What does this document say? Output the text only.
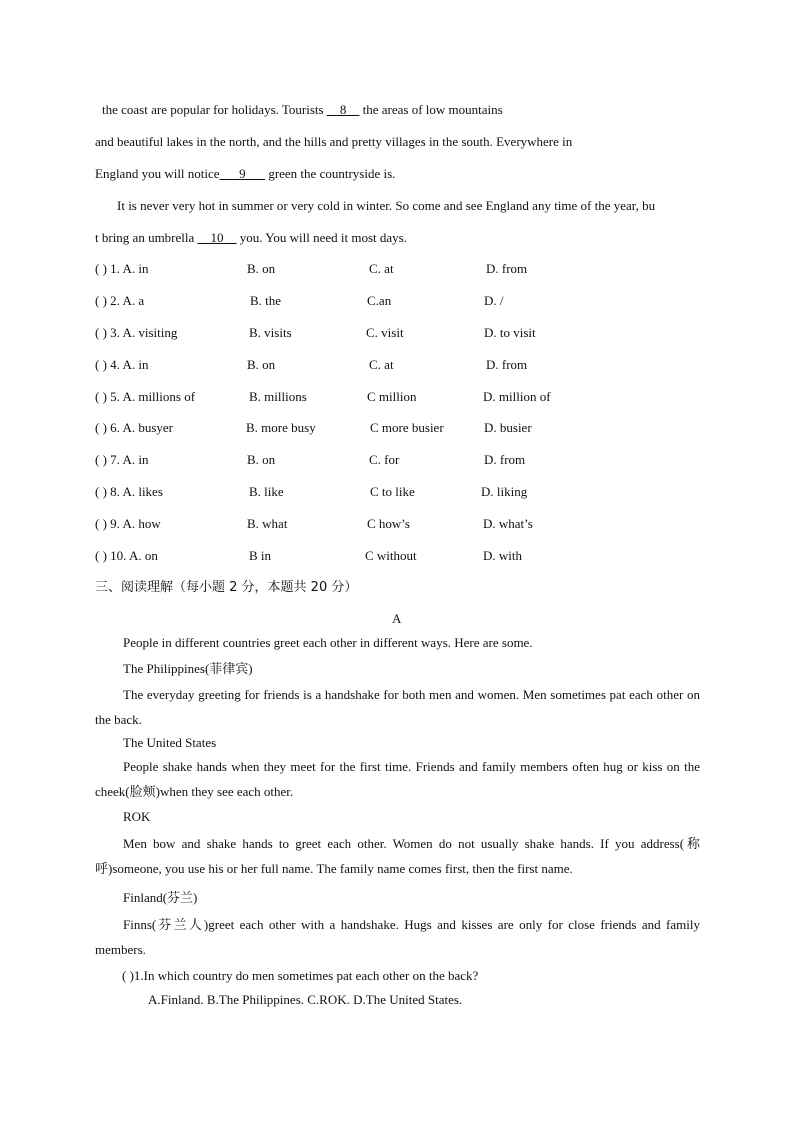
the coast are popular for holidays. Tourists __8__ the areas of low mountains
and beautiful lakes in the north, and the hills and pretty villages in the south. Everywhere in
England you will notice___9___ green the countryside is.
It is never very hot in summer or very cold in winter. So come and see England any time of the year, bu
t bring an umbrella __10__ you. You will need it most days.
( ) 1. A. in	B. on	C. at	D. from
( ) 2. A. a	B. the	C.an	D. /
( ) 3. A. visiting	B. visits	C. visit	D. to visit
( ) 4. A. in	B. on	C. at	D. from
( ) 5. A. millions of	B. millions	C million	D. million of
( ) 6. A. busyer	B. more busy	C more busier	D. busier
( ) 7. A. in	B. on	C. for	D. from
( ) 8. A. likes	B. like	C to like	D. liking
( ) 9. A. how	B. what	C how’s	D. what’s
( ) 10. A. on	B in	C without	D. with
三、阅读理解（每小题 2 分，本题共 20 分）
A
People in different countries greet each other in different ways. Here are some.
The Philippines(菲律宾)
The everyday greeting for friends is a handshake for both men and women. Men sometimes pat each other on the back.
The United States
People shake hands when they meet for the first time. Friends and family members often hug or kiss on the cheek(脸颊)when they see each other.
ROK
Men bow and shake hands to greet each other. Women do not usually shake hands. If you address(称呼)someone, you use his or her full name. The family name comes first, then the first name.
Finland(芬兰)
Finns(芬兰人)greet each other with a handshake. Hugs and kisses are only for close friends and family members.
( )1.In which country do men sometimes pat each other on the back?
A.Finland. B.The Philippines. C.ROK. D.The United States.
